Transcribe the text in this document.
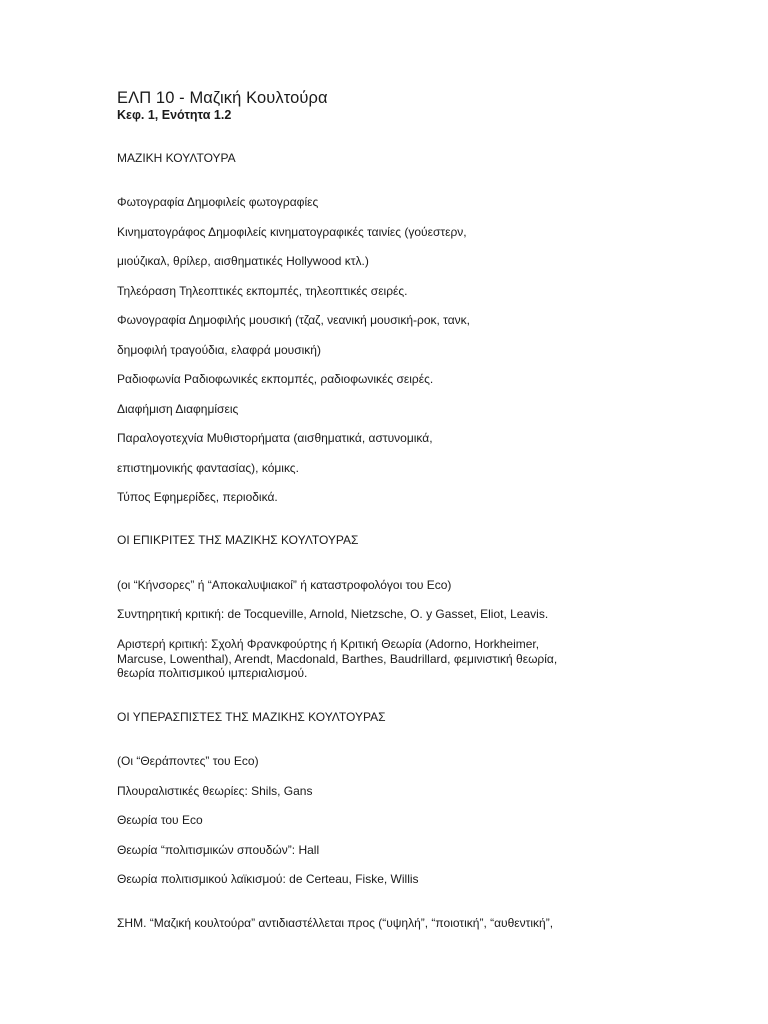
ΕΛΠ 10 - Μαζική Κουλτούρα

Κεφ. 1, Ενότητα 1.2

ΜΑΖΙΚΗ ΚΟΥΛΤΟΥΡΑ

Φωτογραφία Δημοφιλείς φωτογραφίες

Κινηματογράφος Δημοφιλείς κινηματογραφικές ταινίες (γούεστερν,

μιούζικαλ, θρίλερ, αισθηματικές Hollywood κτλ.)

Τηλεόραση Τηλεοπτικές εκπομπές, τηλεοπτικές σειρές.

Φωνογραφία Δημοφιλής μουσική (τζαζ, νεανική μουσική-ροκ, τανκ,

δημοφιλή τραγούδια, ελαφρά μουσική)

Ραδιοφωνία Ραδιοφωνικές εκπομπές, ραδιοφωνικές σειρές.

Διαφήμιση Διαφημίσεις

Παραλογοτεχνία Μυθιστορήματα (αισθηματικά, αστυνομικά,

επιστημονικής φαντασίας), κόμικς.

Τύπος Εφημερίδες, περιοδικά.

ΟΙ ΕΠΙΚΡΙΤΕΣ ΤΗΣ ΜΑΖΙΚΗΣ ΚΟΥΛΤΟΥΡΑΣ

(οι “Κήνσορες” ή “Αποκαλυψιακοί” ή καταστροφολόγοι του Eco)

Συντηρητική κριτική: de Tocqueville, Arnold, Nietzsche, O. y Gasset, Eliot, Leavis.

Αριστερή κριτική: Σχολή Φρανκφούρτης ή Κριτική Θεωρία (Adorno, Horkheimer,

Marcuse, Lowenthal), Arendt, Macdonald, Barthes, Baudrillard, φεμινιστική θεωρία,

θεωρία πολιτισμικού ιμπεριαλισμού.

ΟΙ ΥΠΕΡΑΣΠΙΣΤΕΣ ΤΗΣ ΜΑΖΙΚΗΣ ΚΟΥΛΤΟΥΡΑΣ

(Οι “Θεράποντες” του Eco)

Πλουραλιστικές θεωρίες: Shils, Gans

Θεωρία του Eco

Θεωρία “πολιτισμικών σπουδών”: Hall

Θεωρία πολιτισμικού λαϊκισμού: de Certeau, Fiske, Willis

ΣΗΜ. “Μαζική κουλτούρα” αντιδιαστέλλεται προς (“υψηλή”, “ποιοτική”, “αυθεντική”,
